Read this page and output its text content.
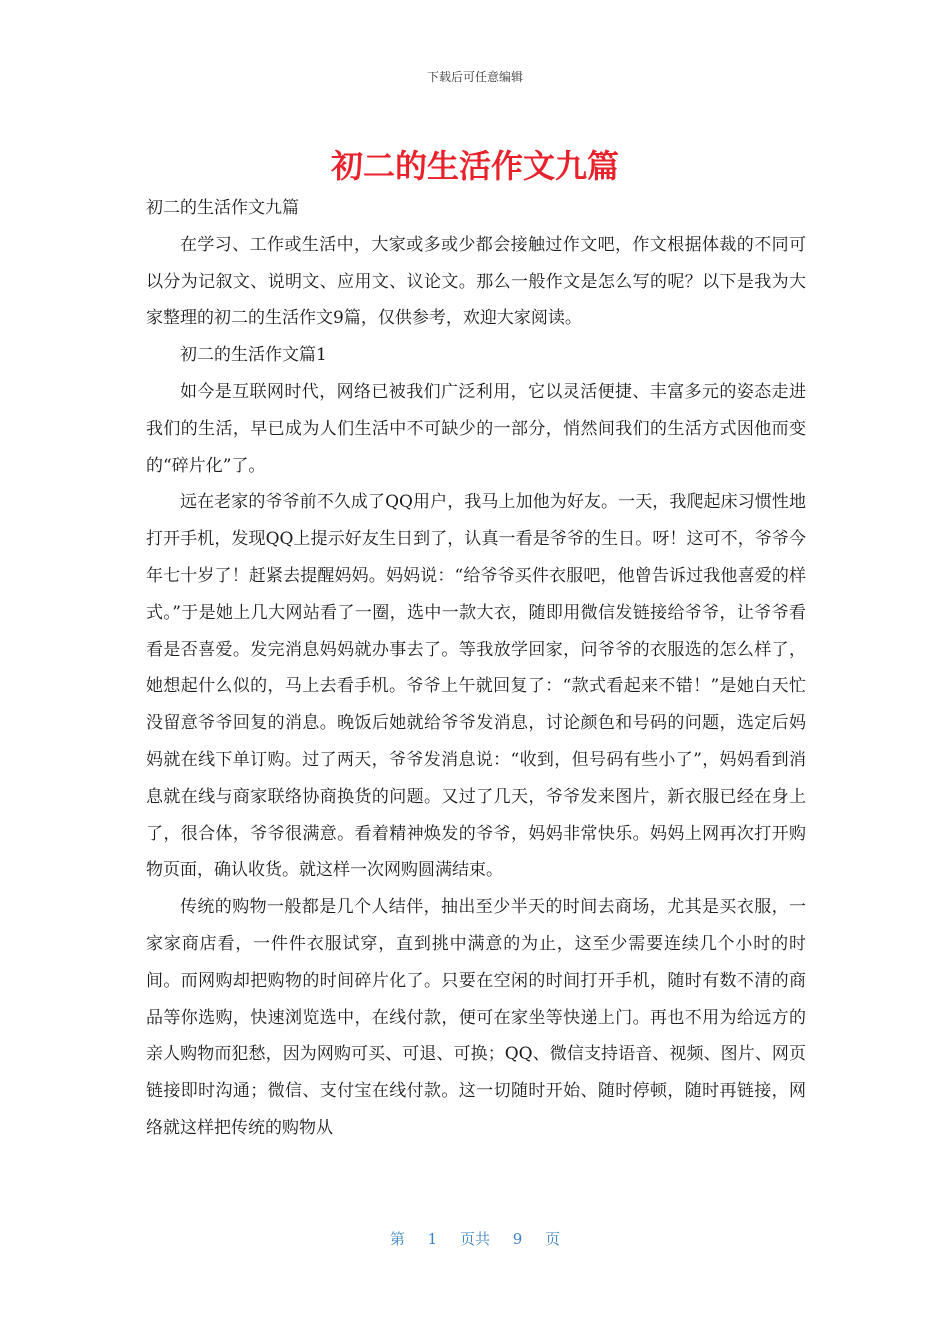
下载后可任意编辑
初二的生活作文九篇

初二的生活作文九篇

在学习、工作或生活中，大家或多或少都会接触过作文吧，作文根据体裁的不同可以分为记叙文、说明文、应用文、议论文。那么一般作文是怎么写的呢？以下是我为大家整理的初二的生活作文9篇，仅供参考，欢迎大家阅读。

初二的生活作文篇1

如今是互联网时代，网络已被我们广泛利用，它以灵活便捷、丰富多元的姿态走进我们的生活，早已成为人们生活中不可缺少的一部分，悄然间我们的生活方式因他而变的“碎片化”了。

远在老家的爷爷前不久成了QQ用户，我马上加他为好友。一天，我爬起床习惯性地打开手机，发现QQ上提示好友生日到了，认真一看是爷爷的生日。呀！这可不，爷爷今年七十岁了！赶紧去提醒妈妈。妈妈说：“给爷爷买件衣服吧，他曾告诉过我他喜爱的样式。”于是她上几大网站看了一圈，选中一款大衣，随即用微信发链接给爷爷，让爷爷看看是否喜爱。发完消息妈妈就办事去了。等我放学回家，问爷爷的衣服选的怎么样了，她想起什么似的，马上去看手机。爷爷上午就回复了：“款式看起来不错！”是她白天忙没留意爷爷回复的消息。晚饭后她就给爷爷发消息，讨论颜色和号码的问题，选定后妈妈就在线下单订购。过了两天，爷爷发消息说：“收到，但号码有些小了”，妈妈看到消息就在线与商家联络协商换货的问题。又过了几天，爷爷发来图片，新衣服已经在身上了，很合体，爷爷很满意。看着精神焕发的爷爷，妈妈非常快乐。妈妈上网再次打开购物页面，确认收货。就这样一次网购圆满结束。

传统的购物一般都是几个人结伴，抽出至少半天的时间去商场，尤其是买衣服，一家家商店看，一件件衣服试穿，直到挑中满意的为止，这至少需要连续几个小时的时间。而网购却把购物的时间碎片化了。只要在空闲的时间打开手机，随时有数不清的商品等你选购，快速浏览选中，在线付款，便可在家坐等快递上门。再也不用为给远方的亲人购物而犯愁，因为网购可买、可退、可换；QQ、微信支持语音、视频、图片、网页链接即时沟通；微信、支付宝在线付款。这一切随时开始、随时停顿，随时再链接，网络就这样把传统的购物从

第 1 页共 9 页
